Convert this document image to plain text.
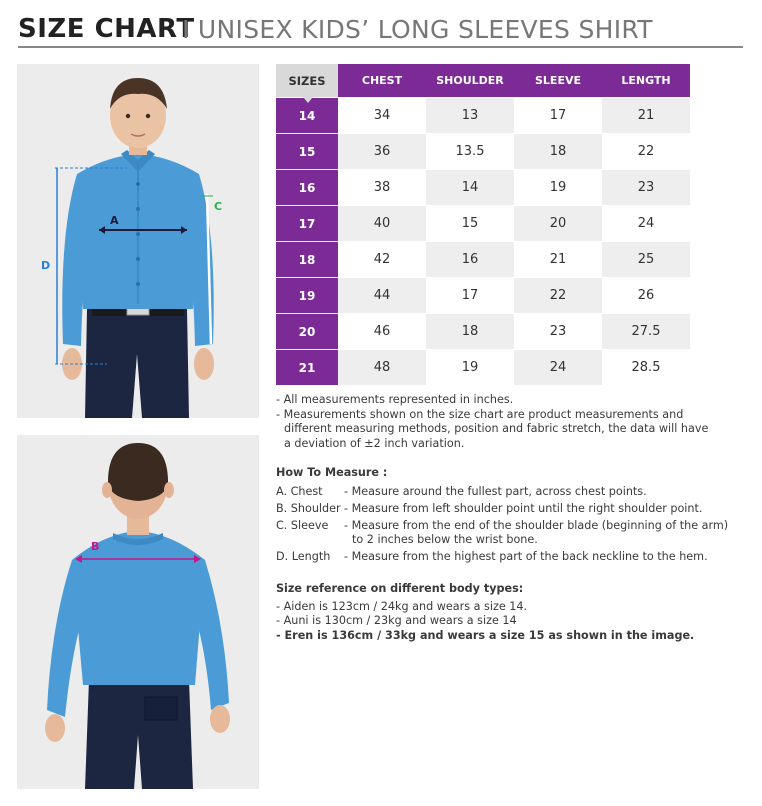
SIZE CHART
I UNISEX KIDS’ LONG SLEEVES SHIRT
A
D
C
B
SIZES	CHEST	SHOULDER	SLEEVE	LENGTH
14	34	13	17	21
15	36	13.5	18	22
16	38	14	19	23
17	40	15	20	24
18	42	16	21	25
19	44	17	22	26
20	46	18	23	27.5
21	48	19	24	28.5

- All measurements represented in inches.

- Measurements shown on the size chart are product measurements and

different measuring methods, position and fabric stretch, the data will have

a deviation of ±2 inch variation.

How To Measure :
A. Chest	- Measure around the fullest part, across chest points.
B. Shoulder - Measure from left shoulder point until the right shoulder point.
C. Sleeve	- Measure from the end of the shoulder blade (beginning of the arm)
to 2 inches below the wrist bone.
D. Length	- Measure from the highest part of the back neckline to the hem.
Size reference on different body types:

- Aiden is 123cm / 24kg and wears a size 14.

- Auni is 130cm / 23kg and wears a size 14

- Eren is 136cm / 33kg and wears a size 15 as shown in the image.
